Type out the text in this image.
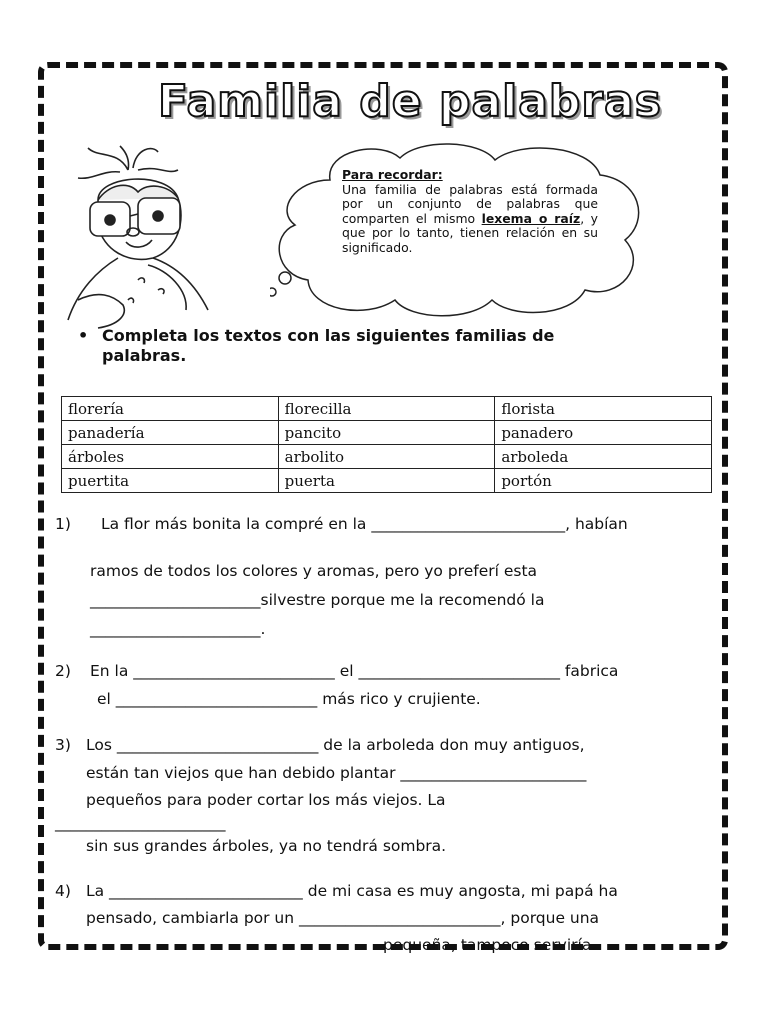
Familia de palabras
Para recordar:
Una familia de palabras está formada por un conjunto de palabras que comparten el mismo lexema o raíz, y que por lo tanto, tienen relación en su significado.
• Completa los textos con las siguientes familias de palabras.
florería	florecilla	florista
panadería	pancito	panadero
árboles	arbolito	arboleda
puertita	puerta	portón
1) La flor más bonita la compré en la _________________________, habían
ramos de todos los colores y aromas, pero yo preferí esta
______________________silvestre porque me la recomendó la
______________________.
2) En la __________________________ el __________________________ fabrica
el __________________________ más rico y crujiente.
3) Los __________________________ de la arboleda don muy antiguos,
están tan viejos que han debido plantar ________________________
pequeños para poder cortar los más viejos. La
______________________
sin sus grandes árboles, ya no tendrá sombra.
4) La _________________________ de mi casa es muy angosta, mi papá ha
pensado, cambiarla por un __________________________, porque una
pequeña, tampoco serviría.
